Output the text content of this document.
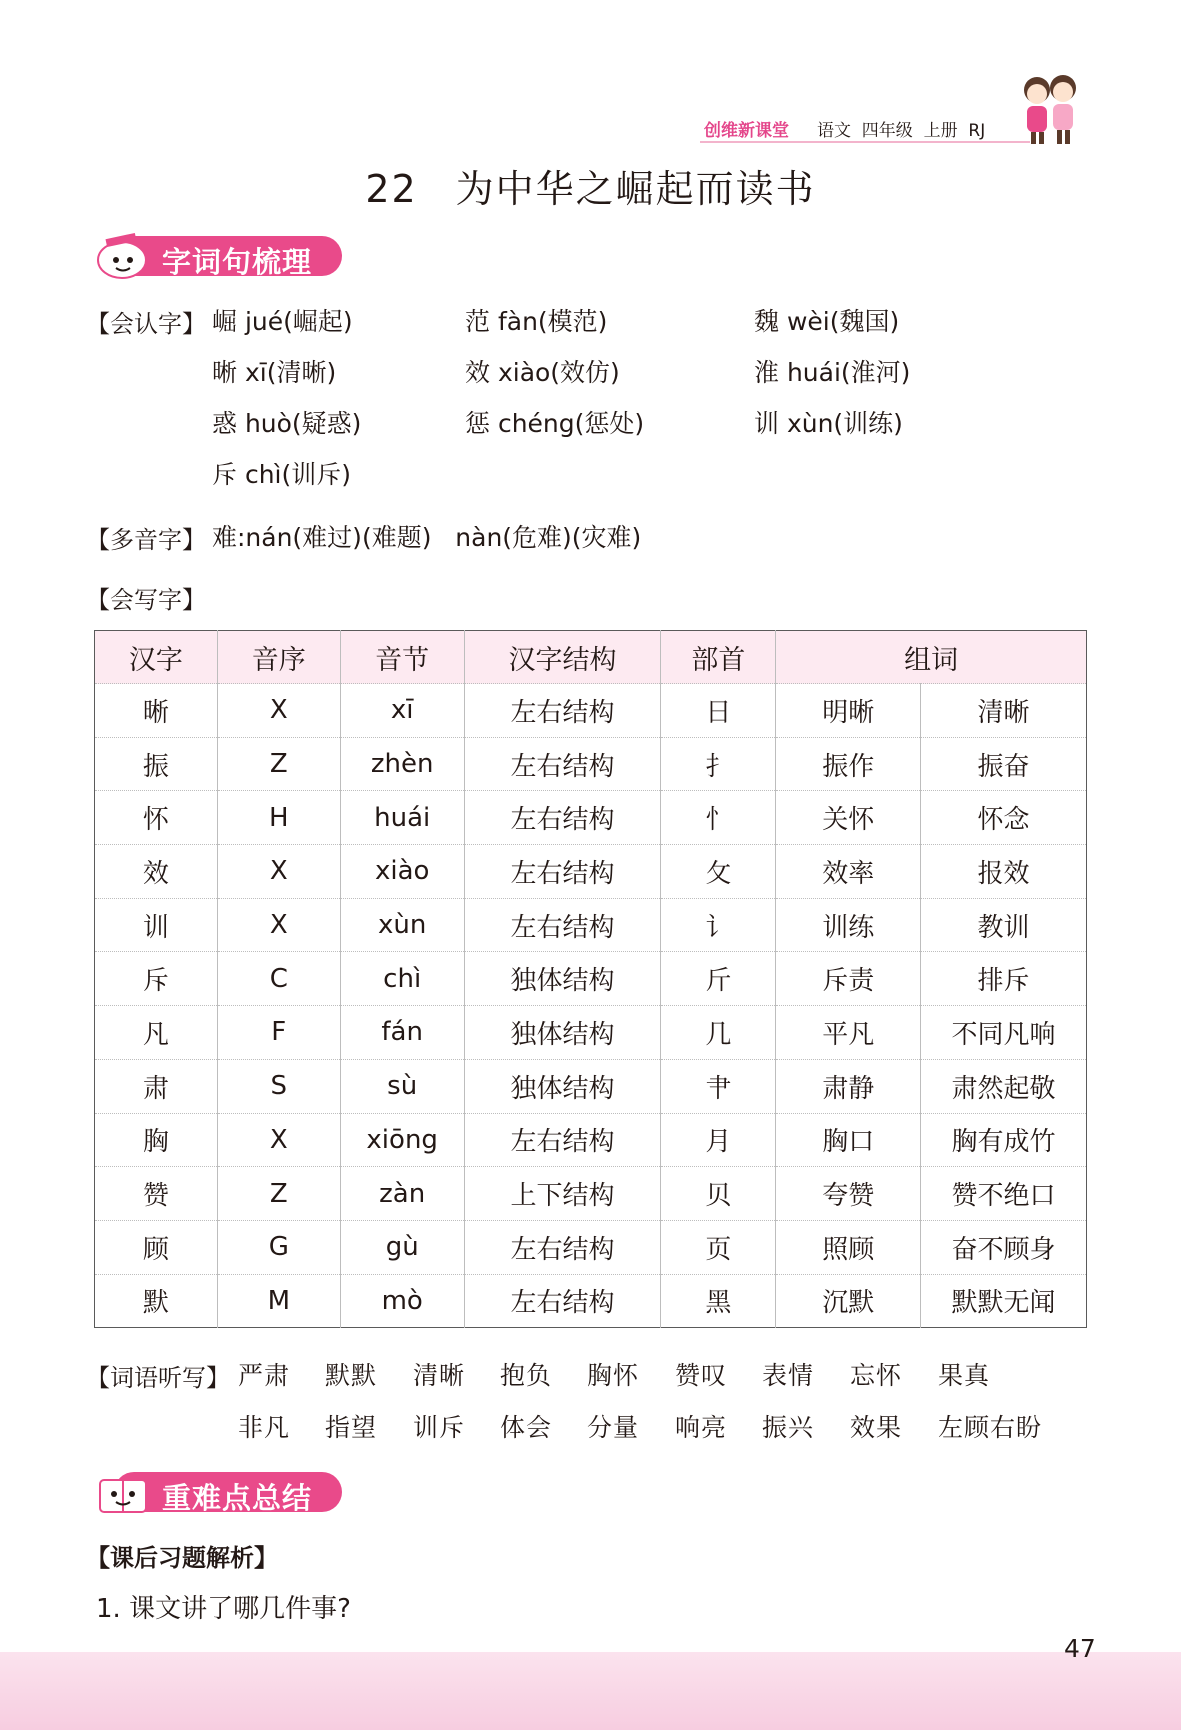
创维新课堂 语文  四年级  上册  RJ
22 为中华之崛起而读书
字词句梳理
【会认字】 崛 jué(崛起)	范 fàn(模范)	魏 wèi(魏国)
晰 xī(清晰)	效 xiào(效仿)	淮 huái(淮河)
惑 huò(疑惑)	惩 chéng(惩处)	训 xùn(训练)
斥 chì(训斥)
【多音字】 难:nán(难过)(难题)   nàn(危难)(灾难)
【会写字】
汉字	音序	音节	汉字结构	部首	组词	
晰	X	xī	左右结构	日	明晰	清晰
振	Z	zhèn	左右结构	扌	振作	振奋
怀	H	huái	左右结构	忄	关怀	怀念
效	X	xiào	左右结构	攵	效率	报效
训	X	xùn	左右结构	讠	训练	教训
斥	C	chì	独体结构	斤	斥责	排斥
凡	F	fán	独体结构	几	平凡	不同凡响
肃	S	sù	独体结构	肀	肃静	肃然起敬
胸	X	xiōng	左右结构	月	胸口	胸有成竹
赞	Z	zàn	上下结构	贝	夸赞	赞不绝口
顾	G	gù	左右结构	页	照顾	奋不顾身
默	M	mò	左右结构	黑	沉默	默默无闻
【词语听写】 严肃 默默 清晰 抱负 胸怀 赞叹 表情 忘怀 果真
非凡 指望 训斥 体会 分量 响亮 振兴 效果 左顾右盼
重难点总结
【课后习题解析】
1. 课文讲了哪几件事?
47
